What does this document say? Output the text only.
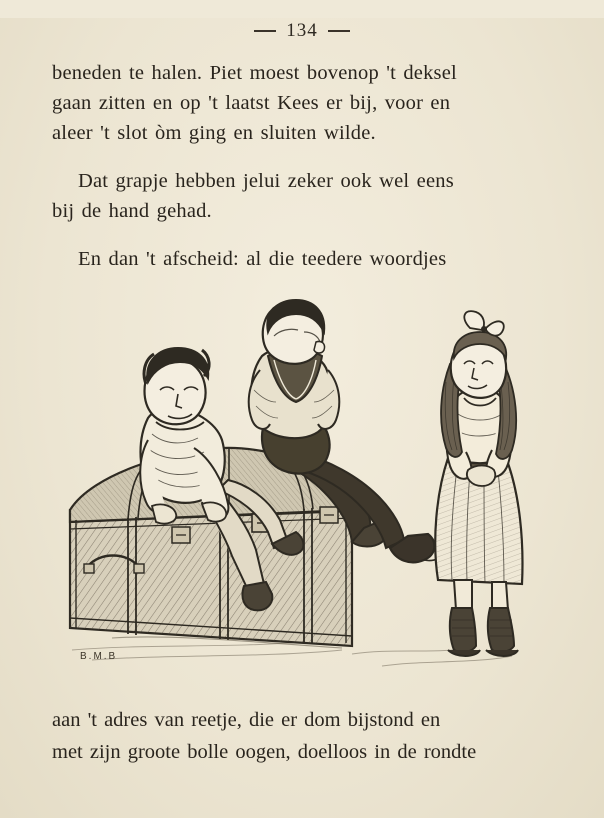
134

beneden te halen. Piet moest bovenop 't deksel

gaan zitten en op 't laatst Kees er bij, voor en

aleer 't slot òm ging en sluiten wilde.

Dat grapje hebben jelui zeker ook wel eens

bij de hand gehad.

En dan 't afscheid: al die teedere woordjes

B.M.B

aan 't adres van reetje, die er dom bijstond en

met zijn groote bolle oogen, doelloos in de rondte
